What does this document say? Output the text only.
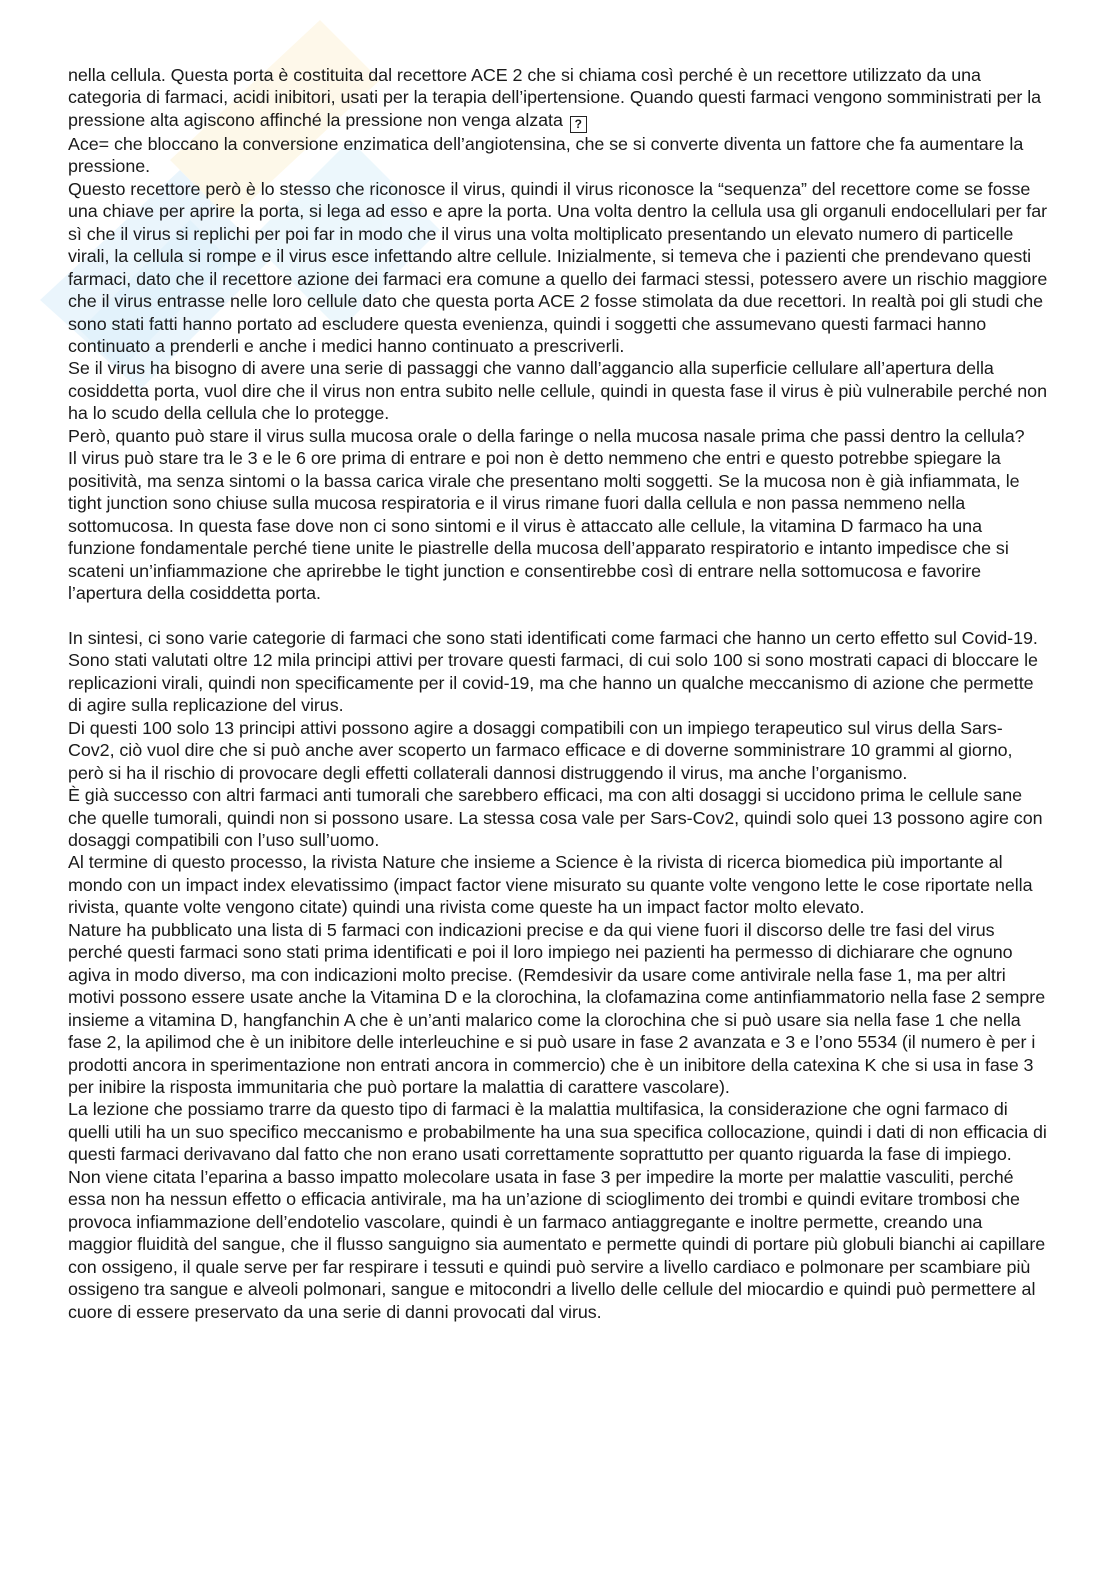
nella cellula. Questa porta è costituita dal recettore ACE 2 che si chiama così perché è un recettore utilizzato da una categoria di farmaci, acidi inibitori, usati per la terapia dell’ipertensione. Quando questi farmaci vengono somministrati per la pressione alta agiscono affinché la pressione non venga alzata ?

Ace= che bloccano la conversione enzimatica dell’angiotensina, che se si converte diventa un fattore che fa aumentare la pressione.

Questo recettore però è lo stesso che riconosce il virus, quindi il virus riconosce la “sequenza” del recettore come se fosse una chiave per aprire la porta, si lega ad esso e apre la porta. Una volta dentro la cellula usa gli organuli endocellulari per far sì che il virus si replichi per poi far in modo che il virus una volta moltiplicato presentando un elevato numero di particelle virali, la cellula si rompe e il virus esce infettando altre cellule. Inizialmente, si temeva che i pazienti che prendevano questi farmaci, dato che il recettore azione dei farmaci era comune a quello dei farmaci stessi, potessero avere un rischio maggiore che il virus entrasse nelle loro cellule dato che questa porta ACE 2 fosse stimolata da due recettori. In realtà poi gli studi che sono stati fatti hanno portato ad escludere questa evenienza, quindi i soggetti che assumevano questi farmaci hanno continuato a prenderli e anche i medici hanno continuato a prescriverli.

Se il virus ha bisogno di avere una serie di passaggi che vanno dall’aggancio alla superficie cellulare all’apertura della cosiddetta porta, vuol dire che il virus non entra subito nelle cellule, quindi in questa fase il virus è più vulnerabile perché non ha lo scudo della cellula che lo protegge.

Però, quanto può stare il virus sulla mucosa orale o della faringe o nella mucosa nasale prima che passi dentro la cellula?

Il virus può stare tra le 3 e le 6 ore prima di entrare e poi non è detto nemmeno che entri e questo potrebbe spiegare la positività, ma senza sintomi o la bassa carica virale che presentano molti soggetti. Se la mucosa non è già infiammata, le tight junction sono chiuse sulla mucosa respiratoria e il virus rimane fuori dalla cellula e non passa nemmeno nella sottomucosa. In questa fase dove non ci sono sintomi e il virus è attaccato alle cellule, la vitamina D farmaco ha una funzione fondamentale perché tiene unite le piastrelle della mucosa dell’apparato respiratorio e intanto impedisce che si scateni un’infiammazione che aprirebbe le tight junction e consentirebbe così di entrare nella sottomucosa e favorire l’apertura della cosiddetta porta.

In sintesi, ci sono varie categorie di farmaci che sono stati identificati come farmaci che hanno un certo effetto sul Covid-19. Sono stati valutati oltre 12 mila principi attivi per trovare questi farmaci, di cui solo 100 si sono mostrati capaci di bloccare le replicazioni virali, quindi non specificamente per il covid-19, ma che hanno un qualche meccanismo di azione che permette di agire sulla replicazione del virus.

Di questi 100 solo 13 principi attivi possono agire a dosaggi compatibili con un impiego terapeutico sul virus della Sars-Cov2, ciò vuol dire che si può anche aver scoperto un farmaco efficace e di doverne somministrare 10 grammi al giorno, però si ha il rischio di provocare degli effetti collaterali dannosi distruggendo il virus, ma anche l’organismo.

È già successo con altri farmaci anti tumorali che sarebbero efficaci, ma con alti dosaggi si uccidono prima le cellule sane che quelle tumorali, quindi non si possono usare. La stessa cosa vale per Sars-Cov2, quindi solo quei 13 possono agire con dosaggi compatibili con l’uso sull’uomo.

Al termine di questo processo, la rivista Nature che insieme a Science è la rivista di ricerca biomedica più importante al mondo con un impact index elevatissimo (impact factor viene misurato su quante volte vengono lette le cose riportate nella rivista, quante volte vengono citate) quindi una rivista come queste ha un impact factor molto elevato.

Nature ha pubblicato una lista di 5 farmaci con indicazioni precise e da qui viene fuori il discorso delle tre fasi del virus perché questi farmaci sono stati prima identificati e poi il loro impiego nei pazienti ha permesso di dichiarare che ognuno agiva in modo diverso, ma con indicazioni molto precise. (Remdesivir da usare come antivirale nella fase 1, ma per altri motivi possono essere usate anche la Vitamina D e la clorochina, la clofamazina come antinfiammatorio nella fase 2 sempre insieme a vitamina D, hangfanchin A che è un’anti malarico come la clorochina che si può usare sia nella fase 1 che nella fase 2, la apilimod che è un inibitore delle interleuchine e si può usare in fase 2 avanzata e 3 e l’ono 5534 (il numero è per i prodotti ancora in sperimentazione non entrati ancora in commercio) che è un inibitore della catexina K che si usa in fase 3 per inibire la risposta immunitaria che può portare la malattia di carattere vascolare).

La lezione che possiamo trarre da questo tipo di farmaci è la malattia multifasica, la considerazione che ogni farmaco di quelli utili ha un suo specifico meccanismo e probabilmente ha una sua specifica collocazione, quindi i dati di non efficacia di questi farmaci derivavano dal fatto che non erano usati correttamente soprattutto per quanto riguarda la fase di impiego.

Non viene citata l’eparina a basso impatto molecolare usata in fase 3 per impedire la morte per malattie vasculiti, perché essa non ha nessun effetto o efficacia antivirale, ma ha un’azione di scioglimento dei trombi e quindi evitare trombosi che provoca infiammazione dell’endotelio vascolare, quindi è un farmaco antiaggregante e inoltre permette, creando una maggior fluidità del sangue, che il flusso sanguigno sia aumentato e permette quindi di portare più globuli bianchi ai capillare con ossigeno, il quale serve per far respirare i tessuti e quindi può servire a livello cardiaco e polmonare per scambiare più ossigeno tra sangue e alveoli polmonari, sangue e mitocondri a livello delle cellule del miocardio e quindi può permettere al cuore di essere preservato da una serie di danni provocati dal virus.
